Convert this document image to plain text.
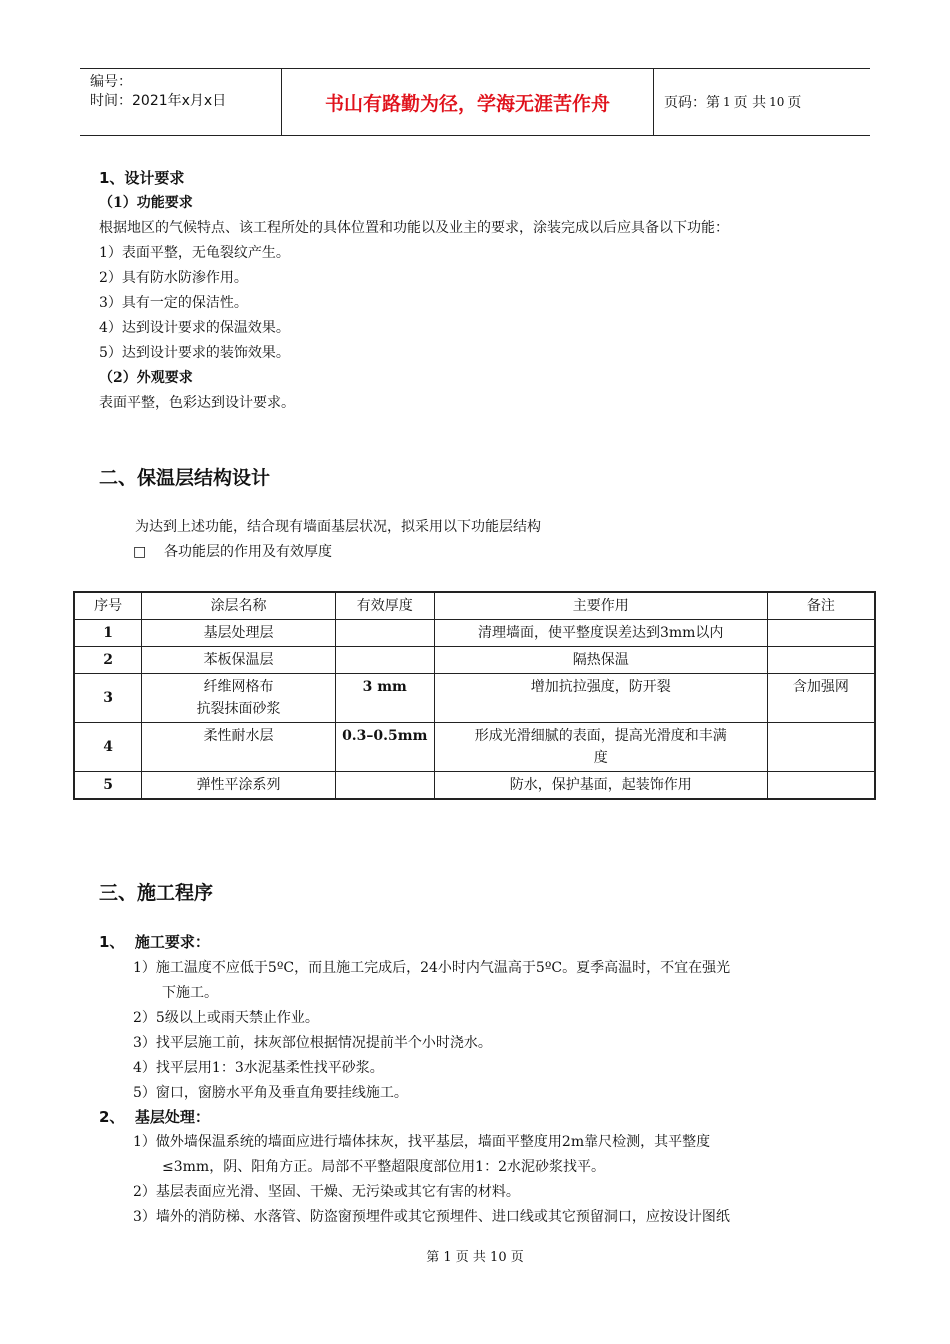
编号：
时间：2021年x月x日	书山有路勤为径，学海无涯苦作舟	页码：第 1 页 共 10 页
1、设计要求
（1）功能要求
根据地区的气候特点、该工程所处的具体位置和功能以及业主的要求，涂装完成以后应具备以下功能：
1）表面平整，无龟裂纹产生。
2）具有防水防渗作用。
3）具有一定的保洁性。
4）达到设计要求的保温效果。
5）达到设计要求的装饰效果。
（2）外观要求
表面平整，色彩达到设计要求。
二、保温层结构设计
为达到上述功能，结合现有墙面基层状况，拟采用以下功能层结构
□    各功能层的作用及有效厚度
序号	涂层名称	有效厚度	主要作用	备注
1	基层处理层		清理墙面，使平整度误差达到3mm以内	
2	苯板保温层		隔热保温	
3	纤维网格布
抗裂抹面砂浆	3 mm	增加抗拉强度，防开裂	含加强网
4	柔性耐水层	0.3–0.5mm	形成光滑细腻的表面，提高光滑度和丰满
度	
5	弹性平涂系列		防水，保护基面，起装饰作用	
三、施工程序
1、  施工要求：
1）施工温度不应低于5ºC，而且施工完成后，24小时内气温高于5ºC。夏季高温时，不宜在强光
下施工。
2）5级以上或雨天禁止作业。
3）找平层施工前，抹灰部位根据情况提前半个小时浇水。
4）找平层用1：3水泥基柔性找平砂浆。
5）窗口，窗膀水平角及垂直角要挂线施工。
2、  基层处理：
1）做外墙保温系统的墙面应进行墙体抹灰，找平基层，墙面平整度用2m靠尺检测，其平整度
≤3mm，阴、阳角方正。局部不平整超限度部位用1：2水泥砂浆找平。
2）基层表面应光滑、坚固、干燥、无污染或其它有害的材料。
3）墙外的消防梯、水落管、防盗窗预埋件或其它预埋件、进口线或其它预留洞口，应按设计图纸
第 1 页 共 10 页
